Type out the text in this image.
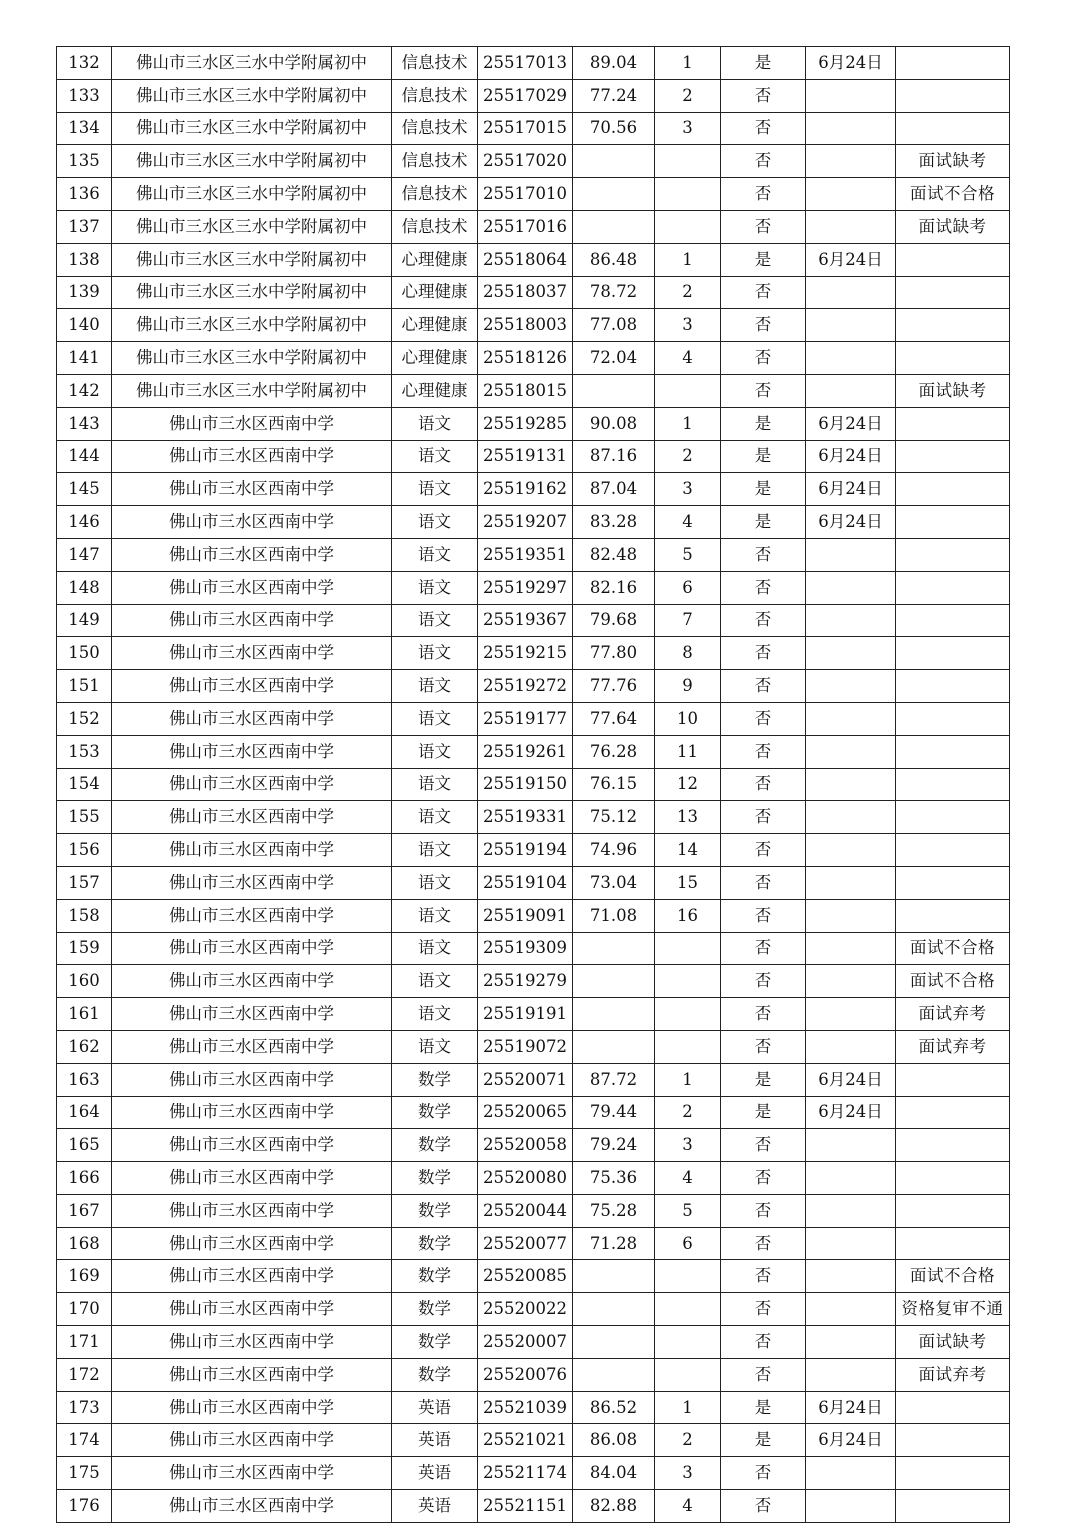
132	佛山市三水区三水中学附属初中	信息技术	25517013	89.04	1	是	6月24日	
133	佛山市三水区三水中学附属初中	信息技术	25517029	77.24	2	否		
134	佛山市三水区三水中学附属初中	信息技术	25517015	70.56	3	否		
135	佛山市三水区三水中学附属初中	信息技术	25517020			否		面试缺考
136	佛山市三水区三水中学附属初中	信息技术	25517010			否		面试不合格
137	佛山市三水区三水中学附属初中	信息技术	25517016			否		面试缺考
138	佛山市三水区三水中学附属初中	心理健康	25518064	86.48	1	是	6月24日	
139	佛山市三水区三水中学附属初中	心理健康	25518037	78.72	2	否		
140	佛山市三水区三水中学附属初中	心理健康	25518003	77.08	3	否		
141	佛山市三水区三水中学附属初中	心理健康	25518126	72.04	4	否		
142	佛山市三水区三水中学附属初中	心理健康	25518015			否		面试缺考
143	佛山市三水区西南中学	语文	25519285	90.08	1	是	6月24日	
144	佛山市三水区西南中学	语文	25519131	87.16	2	是	6月24日	
145	佛山市三水区西南中学	语文	25519162	87.04	3	是	6月24日	
146	佛山市三水区西南中学	语文	25519207	83.28	4	是	6月24日	
147	佛山市三水区西南中学	语文	25519351	82.48	5	否		
148	佛山市三水区西南中学	语文	25519297	82.16	6	否		
149	佛山市三水区西南中学	语文	25519367	79.68	7	否		
150	佛山市三水区西南中学	语文	25519215	77.80	8	否		
151	佛山市三水区西南中学	语文	25519272	77.76	9	否		
152	佛山市三水区西南中学	语文	25519177	77.64	10	否		
153	佛山市三水区西南中学	语文	25519261	76.28	11	否		
154	佛山市三水区西南中学	语文	25519150	76.15	12	否		
155	佛山市三水区西南中学	语文	25519331	75.12	13	否		
156	佛山市三水区西南中学	语文	25519194	74.96	14	否		
157	佛山市三水区西南中学	语文	25519104	73.04	15	否		
158	佛山市三水区西南中学	语文	25519091	71.08	16	否		
159	佛山市三水区西南中学	语文	25519309			否		面试不合格
160	佛山市三水区西南中学	语文	25519279			否		面试不合格
161	佛山市三水区西南中学	语文	25519191			否		面试弃考
162	佛山市三水区西南中学	语文	25519072			否		面试弃考
163	佛山市三水区西南中学	数学	25520071	87.72	1	是	6月24日	
164	佛山市三水区西南中学	数学	25520065	79.44	2	是	6月24日	
165	佛山市三水区西南中学	数学	25520058	79.24	3	否		
166	佛山市三水区西南中学	数学	25520080	75.36	4	否		
167	佛山市三水区西南中学	数学	25520044	75.28	5	否		
168	佛山市三水区西南中学	数学	25520077	71.28	6	否		
169	佛山市三水区西南中学	数学	25520085			否		面试不合格
170	佛山市三水区西南中学	数学	25520022			否		资格复审不通
171	佛山市三水区西南中学	数学	25520007			否		面试缺考
172	佛山市三水区西南中学	数学	25520076			否		面试弃考
173	佛山市三水区西南中学	英语	25521039	86.52	1	是	6月24日	
174	佛山市三水区西南中学	英语	25521021	86.08	2	是	6月24日	
175	佛山市三水区西南中学	英语	25521174	84.04	3	否		
176	佛山市三水区西南中学	英语	25521151	82.88	4	否		
